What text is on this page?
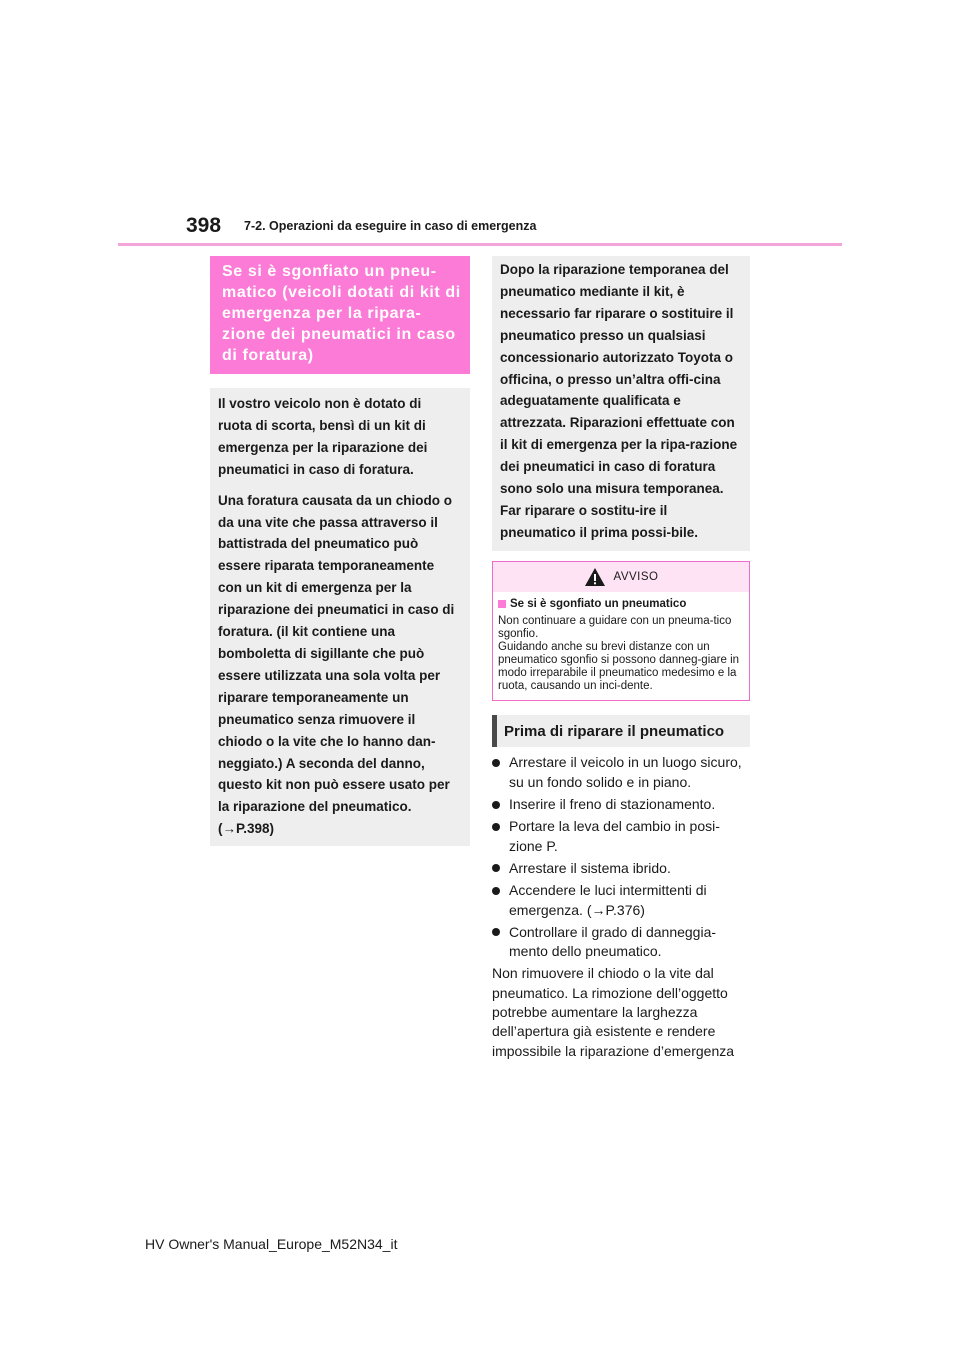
398 7-2. Operazioni da eseguire in caso di emergenza
Se si è sgonfiato un pneu-matico (veicoli dotati di kit di emergenza per la ripara-zione dei pneumatici in caso di foratura)

Il vostro veicolo non è dotato di ruota di scorta, bensì di un kit di emergenza per la riparazione dei pneumatici in caso di foratura.

Una foratura causata da un chiodo o da una vite che passa attraverso il battistrada del pneumatico può essere riparata temporaneamente con un kit di emergenza per la riparazione dei pneumatici in caso di foratura. (il kit contiene una bomboletta di sigillante che può essere utilizzata una sola volta per riparare temporaneamente un pneumatico senza rimuovere il chiodo o la vite che lo hanno dan-neggiato.) A seconda del danno, questo kit non può essere usato per la riparazione del pneumatico. (→P.398)

Dopo la riparazione temporanea del pneumatico mediante il kit, è necessario far riparare o sostituire il pneumatico presso un qualsiasi concessionario autorizzato Toyota o officina, o presso un’altra offi-cina adeguatamente qualificata e attrezzata. Riparazioni effettuate con il kit di emergenza per la ripa-razione dei pneumatici in caso di foratura sono solo una misura temporanea. Far riparare o sostitu-ire il pneumatico il prima possi-bile.

AVVISO
Se si è sgonfiato un pneumatico

Non continuare a guidare con un pneuma-tico sgonfio.

Guidando anche su brevi distanze con un pneumatico sgonfio si possono danneg-giare in modo irreparabile il pneumatico medesimo e la ruota, causando un inci-dente.

Prima di riparare il pneumatico
Arrestare il veicolo in un luogo sicuro, su un fondo solido e in piano.
Inserire il freno di stazionamento.
Portare la leva del cambio in posi-zione P.
Arrestare il sistema ibrido.
Accendere le luci intermittenti di emergenza. (→P.376)
Controllare il grado di danneggia-mento dello pneumatico.

Non rimuovere il chiodo o la vite dal pneumatico. La rimozione dell’oggetto potrebbe aumentare la larghezza dell’apertura già esistente e rendere impossibile la riparazione d’emergenza

HV Owner's Manual_Europe_M52N34_it
